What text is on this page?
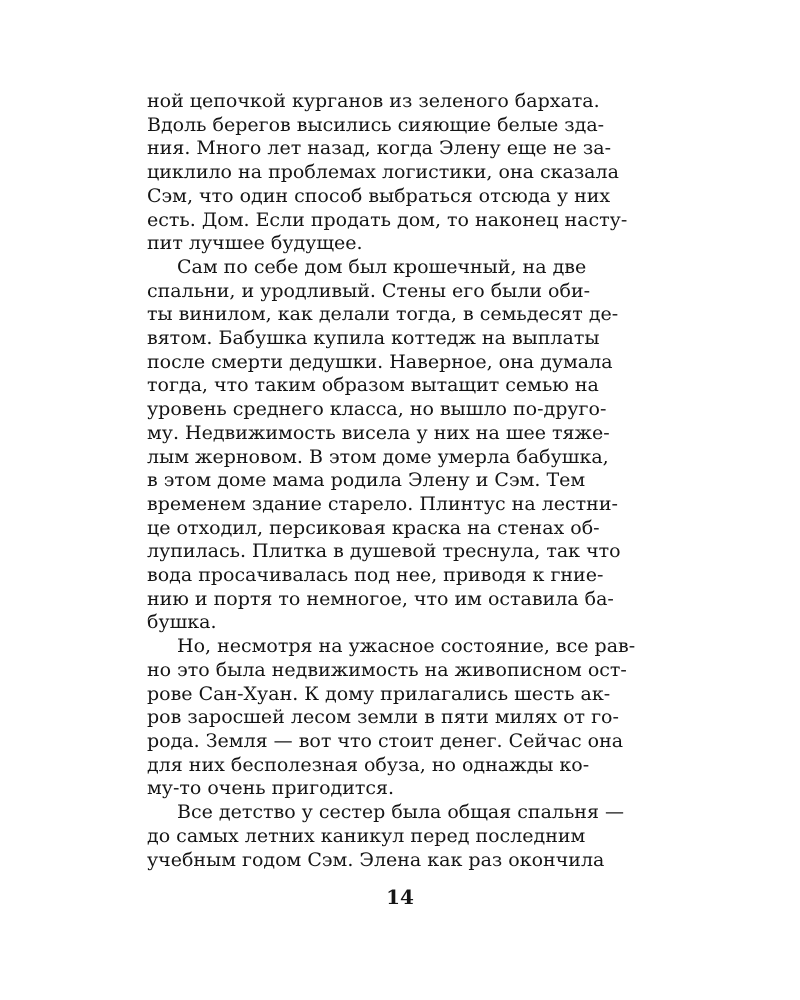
ной цепочкой курганов из зеленого бархата.
Вдоль берегов высились сияющие белые зда-
ния. Много лет назад, когда Элену еще не за-
циклило на проблемах логистики, она сказала
Сэм, что один способ выбраться отсюда у них
есть. Дом. Если продать дом, то наконец насту-
пит лучшее будущее.
Сам по себе дом был крошечный, на две
спальни, и уродливый. Стены его были оби-
ты винилом, как делали тогда, в семьдесят де-
вятом. Бабушка купила коттедж на выплаты
после смерти дедушки. Наверное, она думала
тогда, что таким образом вытащит семью на
уровень среднего класса, но вышло по-друго-
му. Недвижимость висела у них на шее тяже-
лым жерновом. В этом доме умерла бабушка,
в этом доме мама родила Элену и Сэм. Тем
временем здание старело. Плинтус на лестни-
це отходил, персиковая краска на стенах об-
лупилась. Плитка в душевой треснула, так что
вода просачивалась под нее, приводя к гние-
нию и портя то немногое, что им оставила ба-
бушка.
Но, несмотря на ужасное состояние, все рав-
но это была недвижимость на живописном ост-
рове Сан-Хуан. К дому прилагались шесть ак-
ров заросшей лесом земли в пяти милях от го-
рода. Земля — вот что стоит денег. Сейчас она
для них бесполезная обуза, но однажды ко-
му-то очень пригодится.
Все детство у сестер была общая спальня —
до самых летних каникул перед последним
учебным годом Сэм. Элена как раз окончила
14
